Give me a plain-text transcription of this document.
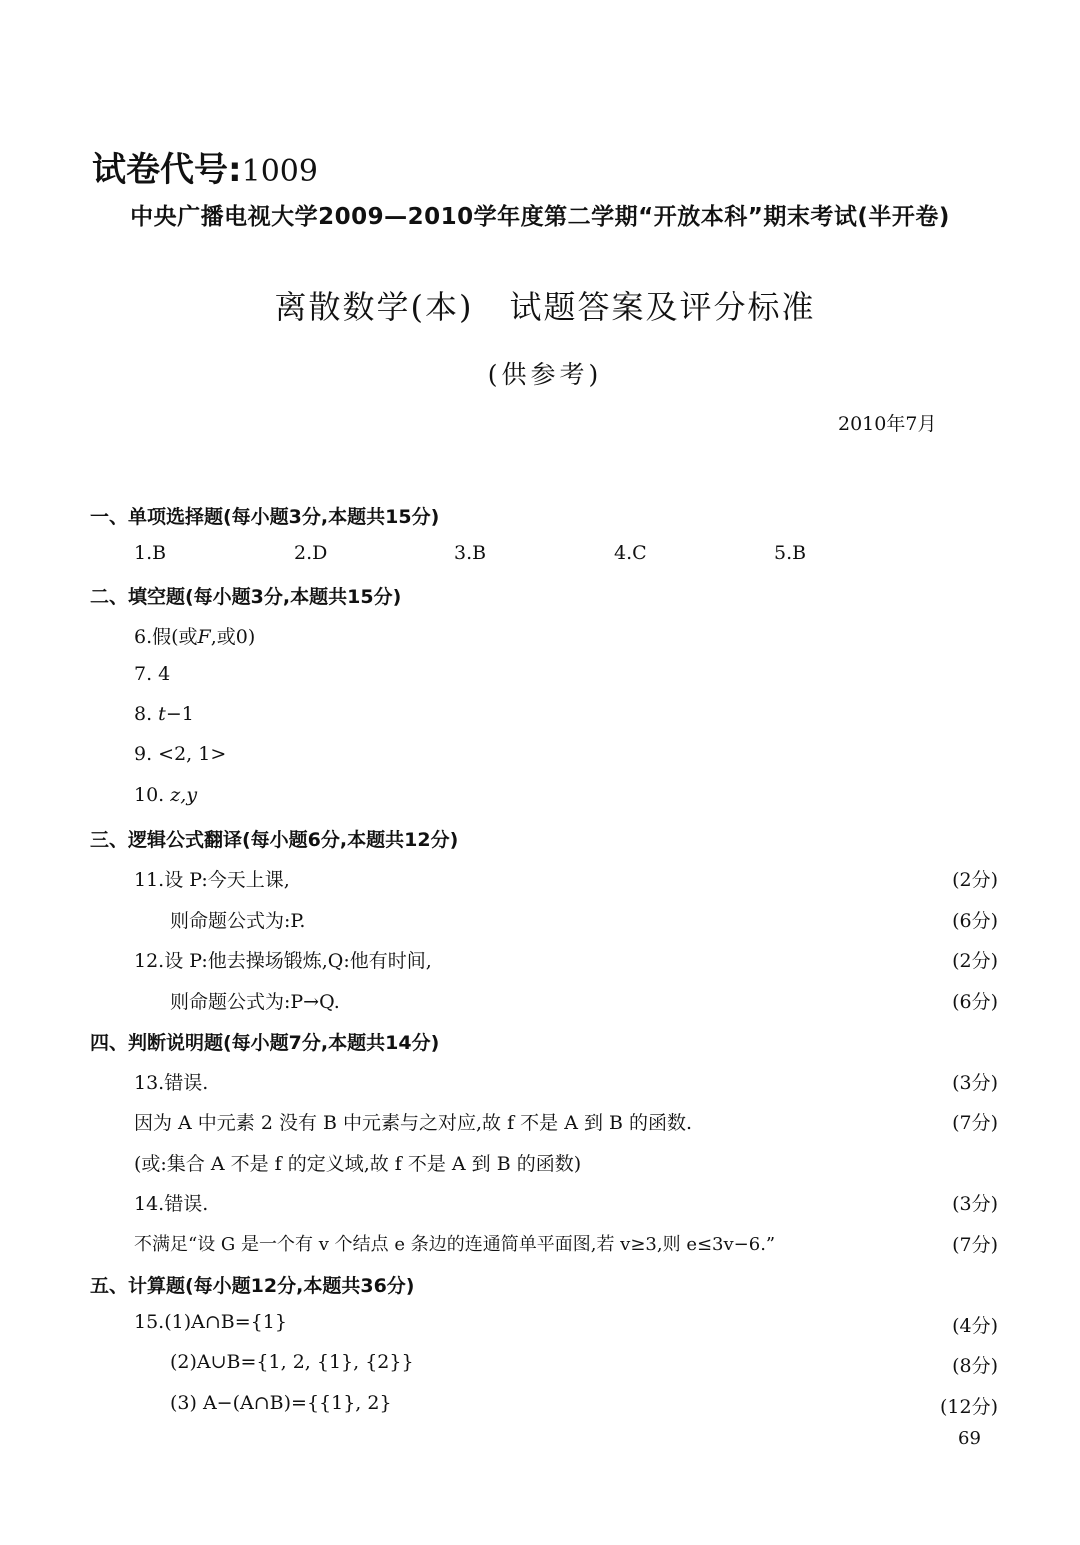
试卷代号:1009
中央广播电视大学2009—2010学年度第二学期“开放本科”期末考试(半开卷)
离散数学(本) 试题答案及评分标准
(供参考)
2010年7月
一、单项选择题(每小题3分,本题共15分)
1.B	2.D	3.B	4.C	5.B
二、填空题(每小题3分,本题共15分)
6.假(或F,或0)
7. 4
8. t−1
9. <2, 1>
10. z,y
三、逻辑公式翻译(每小题6分,本题共12分)
11.设 P:今天上课,	(2分)
则命题公式为:P.	(6分)
12.设 P:他去操场锻炼,Q:他有时间,	(2分)
则命题公式为:P→Q.	(6分)
四、判断说明题(每小题7分,本题共14分)
13.错误.	(3分)
因为 A 中元素 2 没有 B 中元素与之对应,故 f 不是 A 到 B 的函数.	(7分)
(或:集合 A 不是 f 的定义域,故 f 不是 A 到 B 的函数)
14.错误.	(3分)
不满足“设 G 是一个有 v 个结点 e 条边的连通简单平面图,若 v≥3,则 e≤3v−6.”	(7分)
五、计算题(每小题12分,本题共36分)
15.(1)A∩B={1}	(4分)
(2)A∪B={1, 2, {1}, {2}}	(8分)
(3) A−(A∩B)={{1}, 2}	(12分)
69
